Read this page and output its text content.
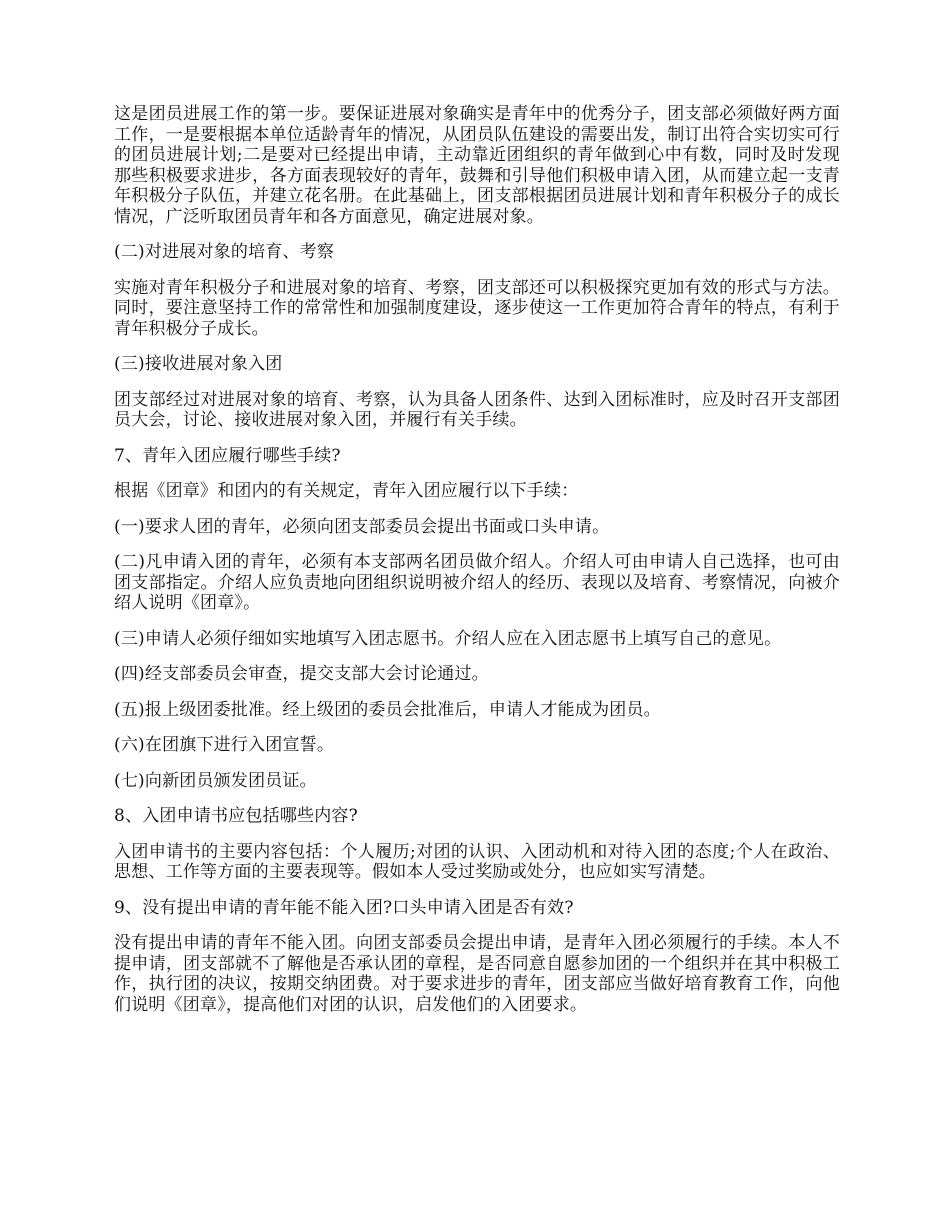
这是团员进展工作的第一步。要保证进展对象确实是青年中的优秀分子，团支部必须做好两方面工作，一是要根据本单位适龄青年的情况，从团员队伍建设的需要出发，制订出符合实切实可行的团员进展计划;二是要对已经提出申请，主动靠近团组织的青年做到心中有数，同时及时发现那些积极要求进步，各方面表现较好的青年，鼓舞和引导他们积极申请入团，从而建立起一支青年积极分子队伍，并建立花名册。在此基础上，团支部根据团员进展计划和青年积极分子的成长情况，广泛听取团员青年和各方面意见，确定进展对象。

(二)对进展对象的培育、考察

实施对青年积极分子和进展对象的培育、考察，团支部还可以积极探究更加有效的形式与方法。同时，要注意坚持工作的常常性和加强制度建设，逐步使这一工作更加符合青年的特点，有利于青年积极分子成长。

(三)接收进展对象入团

团支部经过对进展对象的培育、考察，认为具备人团条件、达到入团标准时，应及时召开支部团员大会，讨论、接收进展对象入团，并履行有关手续。

7、青年入团应履行哪些手续?

根据《团章》和团内的有关规定，青年入团应履行以下手续：

(一)要求人团的青年，必须向团支部委员会提出书面或口头申请。

(二)凡申请入团的青年，必须有本支部两名团员做介绍人。介绍人可由申请人自己选择，也可由团支部指定。介绍人应负责地向团组织说明被介绍人的经历、表现以及培育、考察情况，向被介绍人说明《团章》。

(三)申请人必须仔细如实地填写入团志愿书。介绍人应在入团志愿书上填写自己的意见。

(四)经支部委员会审查，提交支部大会讨论通过。

(五)报上级团委批准。经上级团的委员会批准后，申请人才能成为团员。

(六)在团旗下进行入团宣誓。

(七)向新团员颁发团员证。

8、入团申请书应包括哪些内容?

入团申请书的主要内容包括：个人履历;对团的认识、入团动机和对待入团的态度;个人在政治、思想、工作等方面的主要表现等。假如本人受过奖励或处分，也应如实写清楚。

9、没有提出申请的青年能不能入团?口头申请入团是否有效?

没有提出申请的青年不能入团。向团支部委员会提出申请，是青年入团必须履行的手续。本人不提申请，团支部就不了解他是否承认团的章程，是否同意自愿参加团的一个组织并在其中积极工作，执行团的决议，按期交纳团费。对于要求进步的青年，团支部应当做好培育教育工作，向他们说明《团章》，提高他们对团的认识，启发他们的入团要求。
